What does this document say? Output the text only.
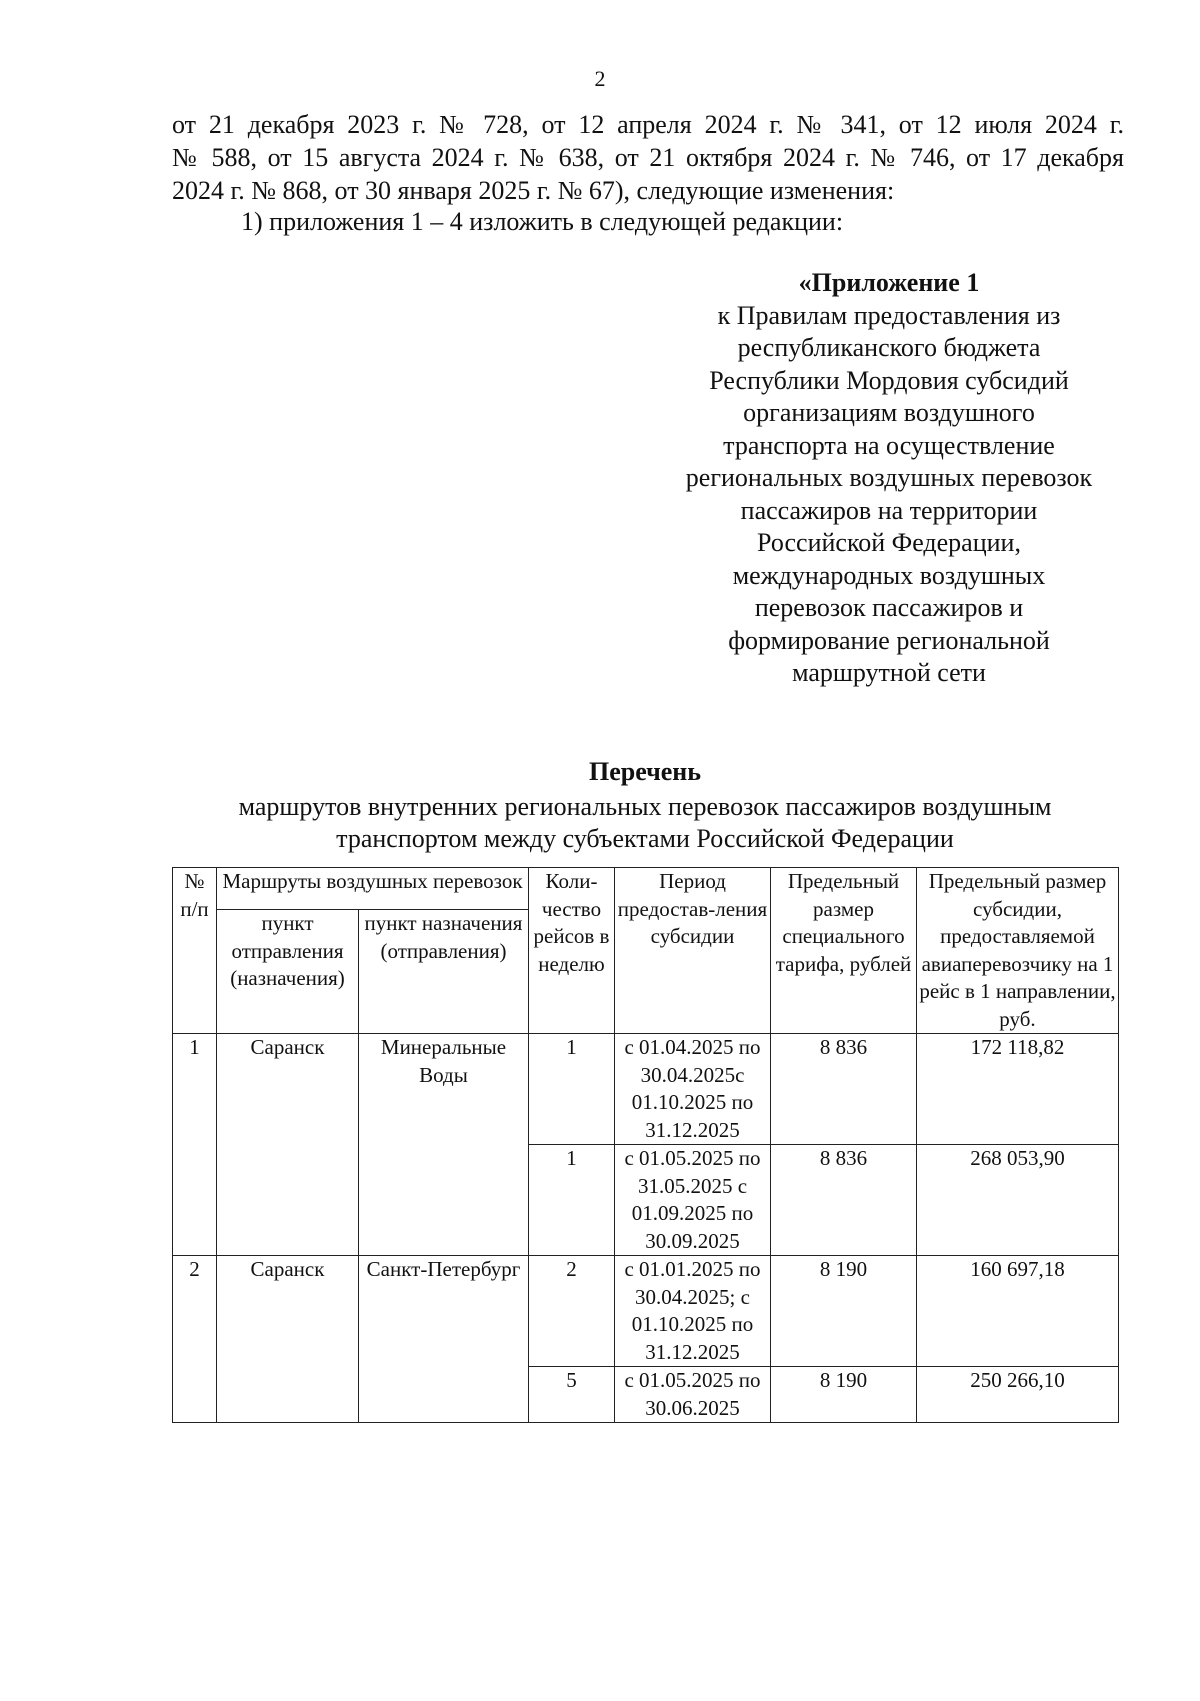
2
от 21 декабря 2023 г. № 728, от 12 апреля 2024 г. № 341, от 12 июля 2024 г.
№ 588, от 15 августа 2024 г. № 638, от 21 октября 2024 г. № 746, от 17 декабря
2024 г. № 868, от 30 января 2025 г. № 67), следующие изменения:
1) приложения 1 – 4 изложить в следующей редакции:
«Приложение 1
к Правилам предоставления из
республиканского бюджета
Республики Мордовия субсидий
организациям воздушного
транспорта на осуществление
региональных воздушных перевозок
пассажиров на территории
Российской Федерации,
международных воздушных
перевозок пассажиров и
формирование региональной
маршрутной сети
Перечень
маршрутов внутренних региональных перевозок пассажиров воздушным
транспортом между субъектами Российской Федерации
№ п/п	Маршруты воздушных перевозок		Коли-чество рейсов в неделю	Период предостав-ления субсидии	Предельный размер специального тарифа, рублей	Предельный размер субсидии, предоставляемой авиаперевозчику на 1 рейс в 1 направлении, руб.
	пункт отправления (назначения)	пункт назначения (отправления)				
1	Саранск	Минеральные Воды	1	с 01.04.2025 по 30.04.2025с 01.10.2025 по 31.12.2025	8 836	172 118,82
			1	с 01.05.2025 по 31.05.2025 с 01.09.2025 по 30.09.2025	8 836	268 053,90
2	Саранск	Санкт-Петербург	2	с 01.01.2025 по 30.04.2025; с 01.10.2025 по 31.12.2025	8 190	160 697,18
			5	с 01.05.2025 по 30.06.2025	8 190	250 266,10
